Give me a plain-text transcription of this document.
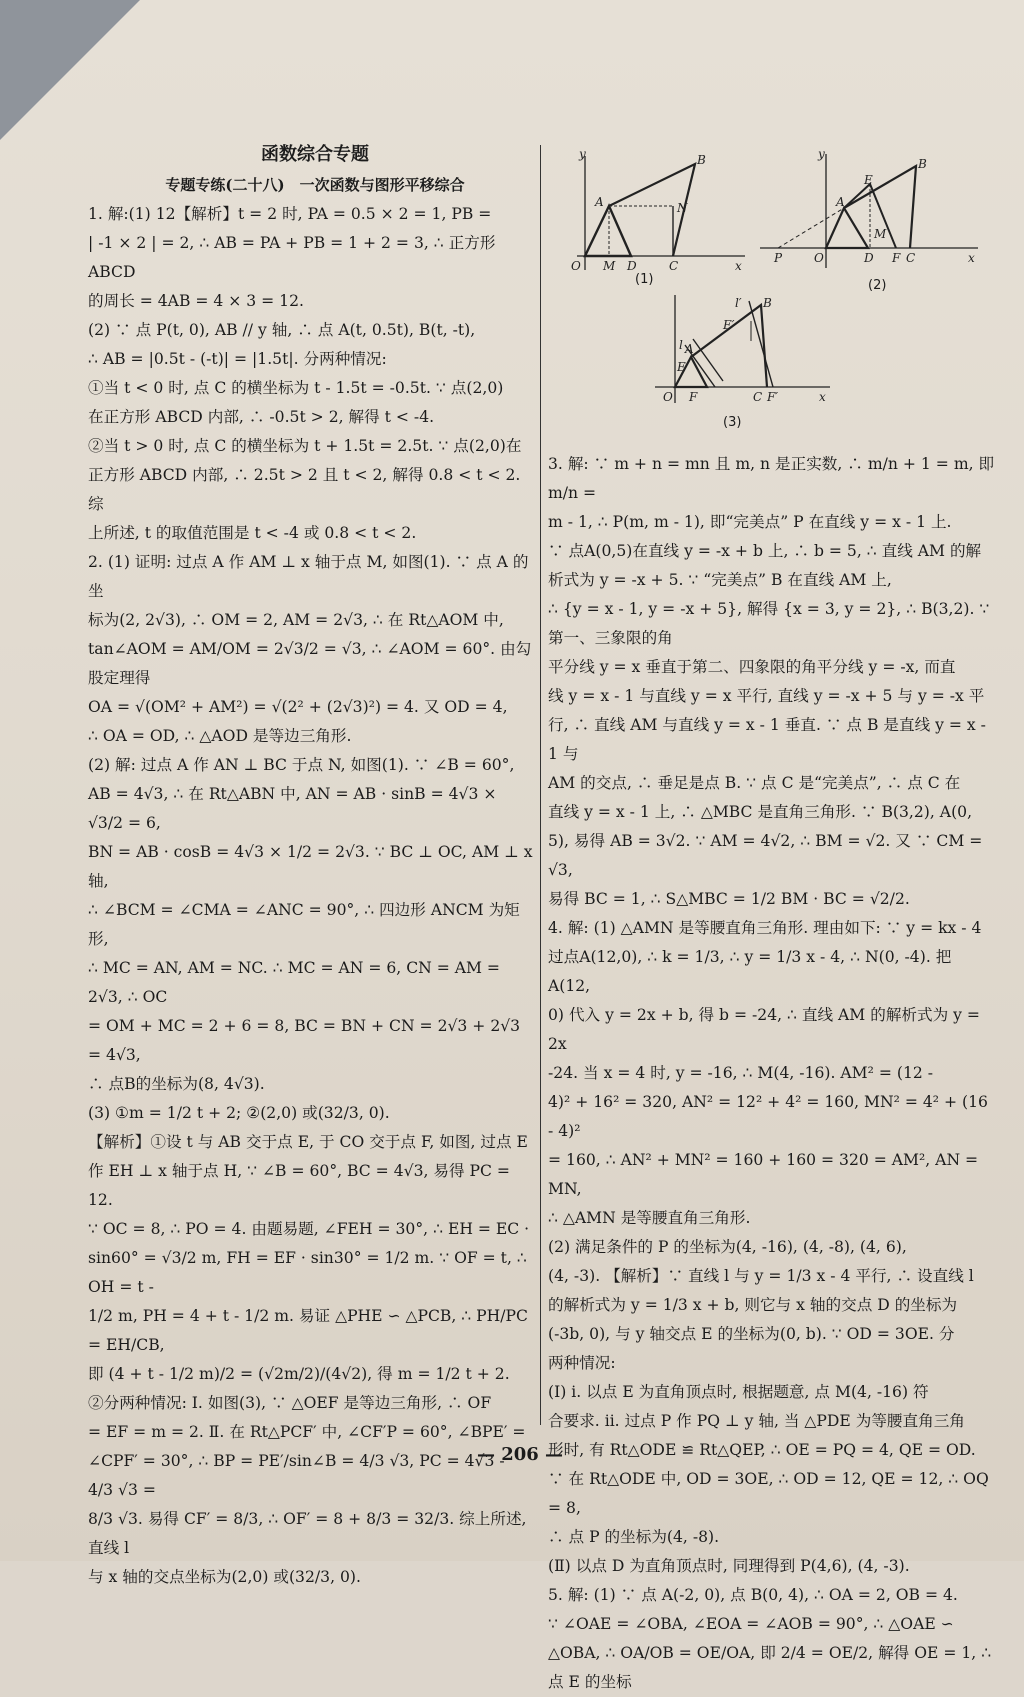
函数综合专题
专题专练(二十八)　一次函数与图形平移综合

1. 解:(1) 12【解析】t = 2 时, PA = 0.5 × 2 = 1, PB =

| -1 × 2 | = 2, ∴ AB = PA + PB = 1 + 2 = 3, ∴ 正方形 ABCD

的周长 = 4AB = 4 × 3 = 12.

(2) ∵ 点 P(t, 0), AB // y 轴, ∴ 点 A(t, 0.5t), B(t, -t),

∴ AB = |0.5t - (-t)| = |1.5t|. 分两种情况:

①当 t < 0 时, 点 C 的横坐标为 t - 1.5t = -0.5t. ∵ 点(2,0)

在正方形 ABCD 内部, ∴ -0.5t > 2, 解得 t < -4.

②当 t > 0 时, 点 C 的横坐标为 t + 1.5t = 2.5t. ∵ 点(2,0)在

正方形 ABCD 内部, ∴ 2.5t > 2 且 t < 2, 解得 0.8 < t < 2. 综

上所述, t 的取值范围是 t < -4 或 0.8 < t < 2.

2. (1) 证明: 过点 A 作 AM ⊥ x 轴于点 M, 如图(1). ∵ 点 A 的坐

标为(2, 2√3), ∴ OM = 2, AM = 2√3, ∴ 在 Rt△AOM 中,

tan∠AOM = AM/OM = 2√3/2 = √3, ∴ ∠AOM = 60°. 由勾股定理得

OA = √(OM² + AM²) = √(2² + (2√3)²) = 4. 又 OD = 4,

∴ OA = OD, ∴ △AOD 是等边三角形.

(2) 解: 过点 A 作 AN ⊥ BC 于点 N, 如图(1). ∵ ∠B = 60°,

AB = 4√3, ∴ 在 Rt△ABN 中, AN = AB · sinB = 4√3 × √3/2 = 6,

BN = AB · cosB = 4√3 × 1/2 = 2√3. ∵ BC ⊥ OC, AM ⊥ x 轴,

∴ ∠BCM = ∠CMA = ∠ANC = 90°, ∴ 四边形 ANCM 为矩形,

∴ MC = AN, AM = NC. ∴ MC = AN = 6, CN = AM = 2√3, ∴ OC

= OM + MC = 2 + 6 = 8, BC = BN + CN = 2√3 + 2√3 = 4√3,

∴ 点B的坐标为(8, 4√3).

(3) ①m = 1/2 t + 2; ②(2,0) 或(32/3, 0).

【解析】①设 t 与 AB 交于点 E, 于 CO 交于点 F, 如图, 过点 E

作 EH ⊥ x 轴于点 H, ∵ ∠B = 60°, BC = 4√3, 易得 PC = 12.

∵ OC = 8, ∴ PO = 4. 由题易题, ∠FEH = 30°, ∴ EH = EC ·

sin60° = √3/2 m, FH = EF · sin30° = 1/2 m. ∵ OF = t, ∴ OH = t -

1/2 m, PH = 4 + t - 1/2 m. 易证 △PHE ∽ △PCB, ∴ PH/PC = EH/CB,

即 (4 + t - 1/2 m)/2 = (√2m/2)/(4√2), 得 m = 1/2 t + 2.

②分两种情况: Ⅰ. 如图(3), ∵ △OEF 是等边三角形, ∴ OF

= EF = m = 2. Ⅱ. 在 Rt△PCF′ 中, ∠CF′P = 60°, ∠BPE′ =

∠CPF′ = 30°, ∴ BP = PE′/sin∠B = 4/3 √3, PC = 4√3 - 4/3 √3 =

8/3 √3. 易得 CF′ = 8/3, ∴ OF′ = 8 + 8/3 = 32/3. 综上所述, 直线 l

与 x 轴的交点坐标为(2,0) 或(32/3, 0).

y	B
A	N
O M D	C	x
(1)
y
B
E
A
M
P	O	D F C	x
(2)
l′ B
E′
l A
E
O F	C F′	x
(3)

3. 解: ∵ m + n = mn 且 m, n 是正实数, ∴ m/n + 1 = m, 即 m/n =

m - 1, ∴ P(m, m - 1), 即“完美点” P 在直线 y = x - 1 上.

∵ 点A(0,5)在直线 y = -x + b 上, ∴ b = 5, ∴ 直线 AM 的解

析式为 y = -x + 5. ∵ “完美点” B 在直线 AM 上,

∴ {y = x - 1, y = -x + 5}, 解得 {x = 3, y = 2}, ∴ B(3,2). ∵ 第一、三象限的角

平分线 y = x 垂直于第二、四象限的角平分线 y = -x, 而直

线 y = x - 1 与直线 y = x 平行, 直线 y = -x + 5 与 y = -x 平

行, ∴ 直线 AM 与直线 y = x - 1 垂直. ∵ 点 B 是直线 y = x - 1 与

AM 的交点, ∴ 垂足是点 B. ∵ 点 C 是“完美点”, ∴ 点 C 在

直线 y = x - 1 上, ∴ △MBC 是直角三角形. ∵ B(3,2), A(0,

5), 易得 AB = 3√2. ∵ AM = 4√2, ∴ BM = √2. 又 ∵ CM = √3,

易得 BC = 1, ∴ S△MBC = 1/2 BM · BC = √2/2.

4. 解: (1) △AMN 是等腰直角三角形. 理由如下: ∵ y = kx - 4

过点A(12,0), ∴ k = 1/3, ∴ y = 1/3 x - 4, ∴ N(0, -4). 把 A(12,

0) 代入 y = 2x + b, 得 b = -24, ∴ 直线 AM 的解析式为 y = 2x

-24. 当 x = 4 时, y = -16, ∴ M(4, -16). AM² = (12 -

4)² + 16² = 320, AN² = 12² + 4² = 160, MN² = 4² + (16 - 4)²

= 160, ∴ AN² + MN² = 160 + 160 = 320 = AM², AN = MN,

∴ △AMN 是等腰直角三角形.

(2) 满足条件的 P 的坐标为(4, -16), (4, -8), (4, 6),

(4, -3). 【解析】∵ 直线 l 与 y = 1/3 x - 4 平行, ∴ 设直线 l

的解析式为 y = 1/3 x + b, 则它与 x 轴的交点 D 的坐标为

(-3b, 0), 与 y 轴交点 E 的坐标为(0, b). ∵ OD = 3OE. 分

两种情况:

(Ⅰ) ⅰ. 以点 E 为直角顶点时, 根据题意, 点 M(4, -16) 符

合要求. ⅱ. 过点 P 作 PQ ⊥ y 轴, 当 △PDE 为等腰直角三角

形时, 有 Rt△ODE ≌ Rt△QEP, ∴ OE = PQ = 4, QE = OD.

∵ 在 Rt△ODE 中, OD = 3OE, ∴ OD = 12, QE = 12, ∴ OQ = 8,

∴ 点 P 的坐标为(4, -8).

(Ⅱ) 以点 D 为直角顶点时, 同理得到 P(4,6), (4, -3).

5. 解: (1) ∵ 点 A(-2, 0), 点 B(0, 4), ∴ OA = 2, OB = 4.

∵ ∠OAE = ∠OBA, ∠EOA = ∠AOB = 90°, ∴ △OAE ∽

△OBA, ∴ OA/OB = OE/OA, 即 2/4 = OE/2, 解得 OE = 1, ∴ 点 E 的坐标

— 206 —
